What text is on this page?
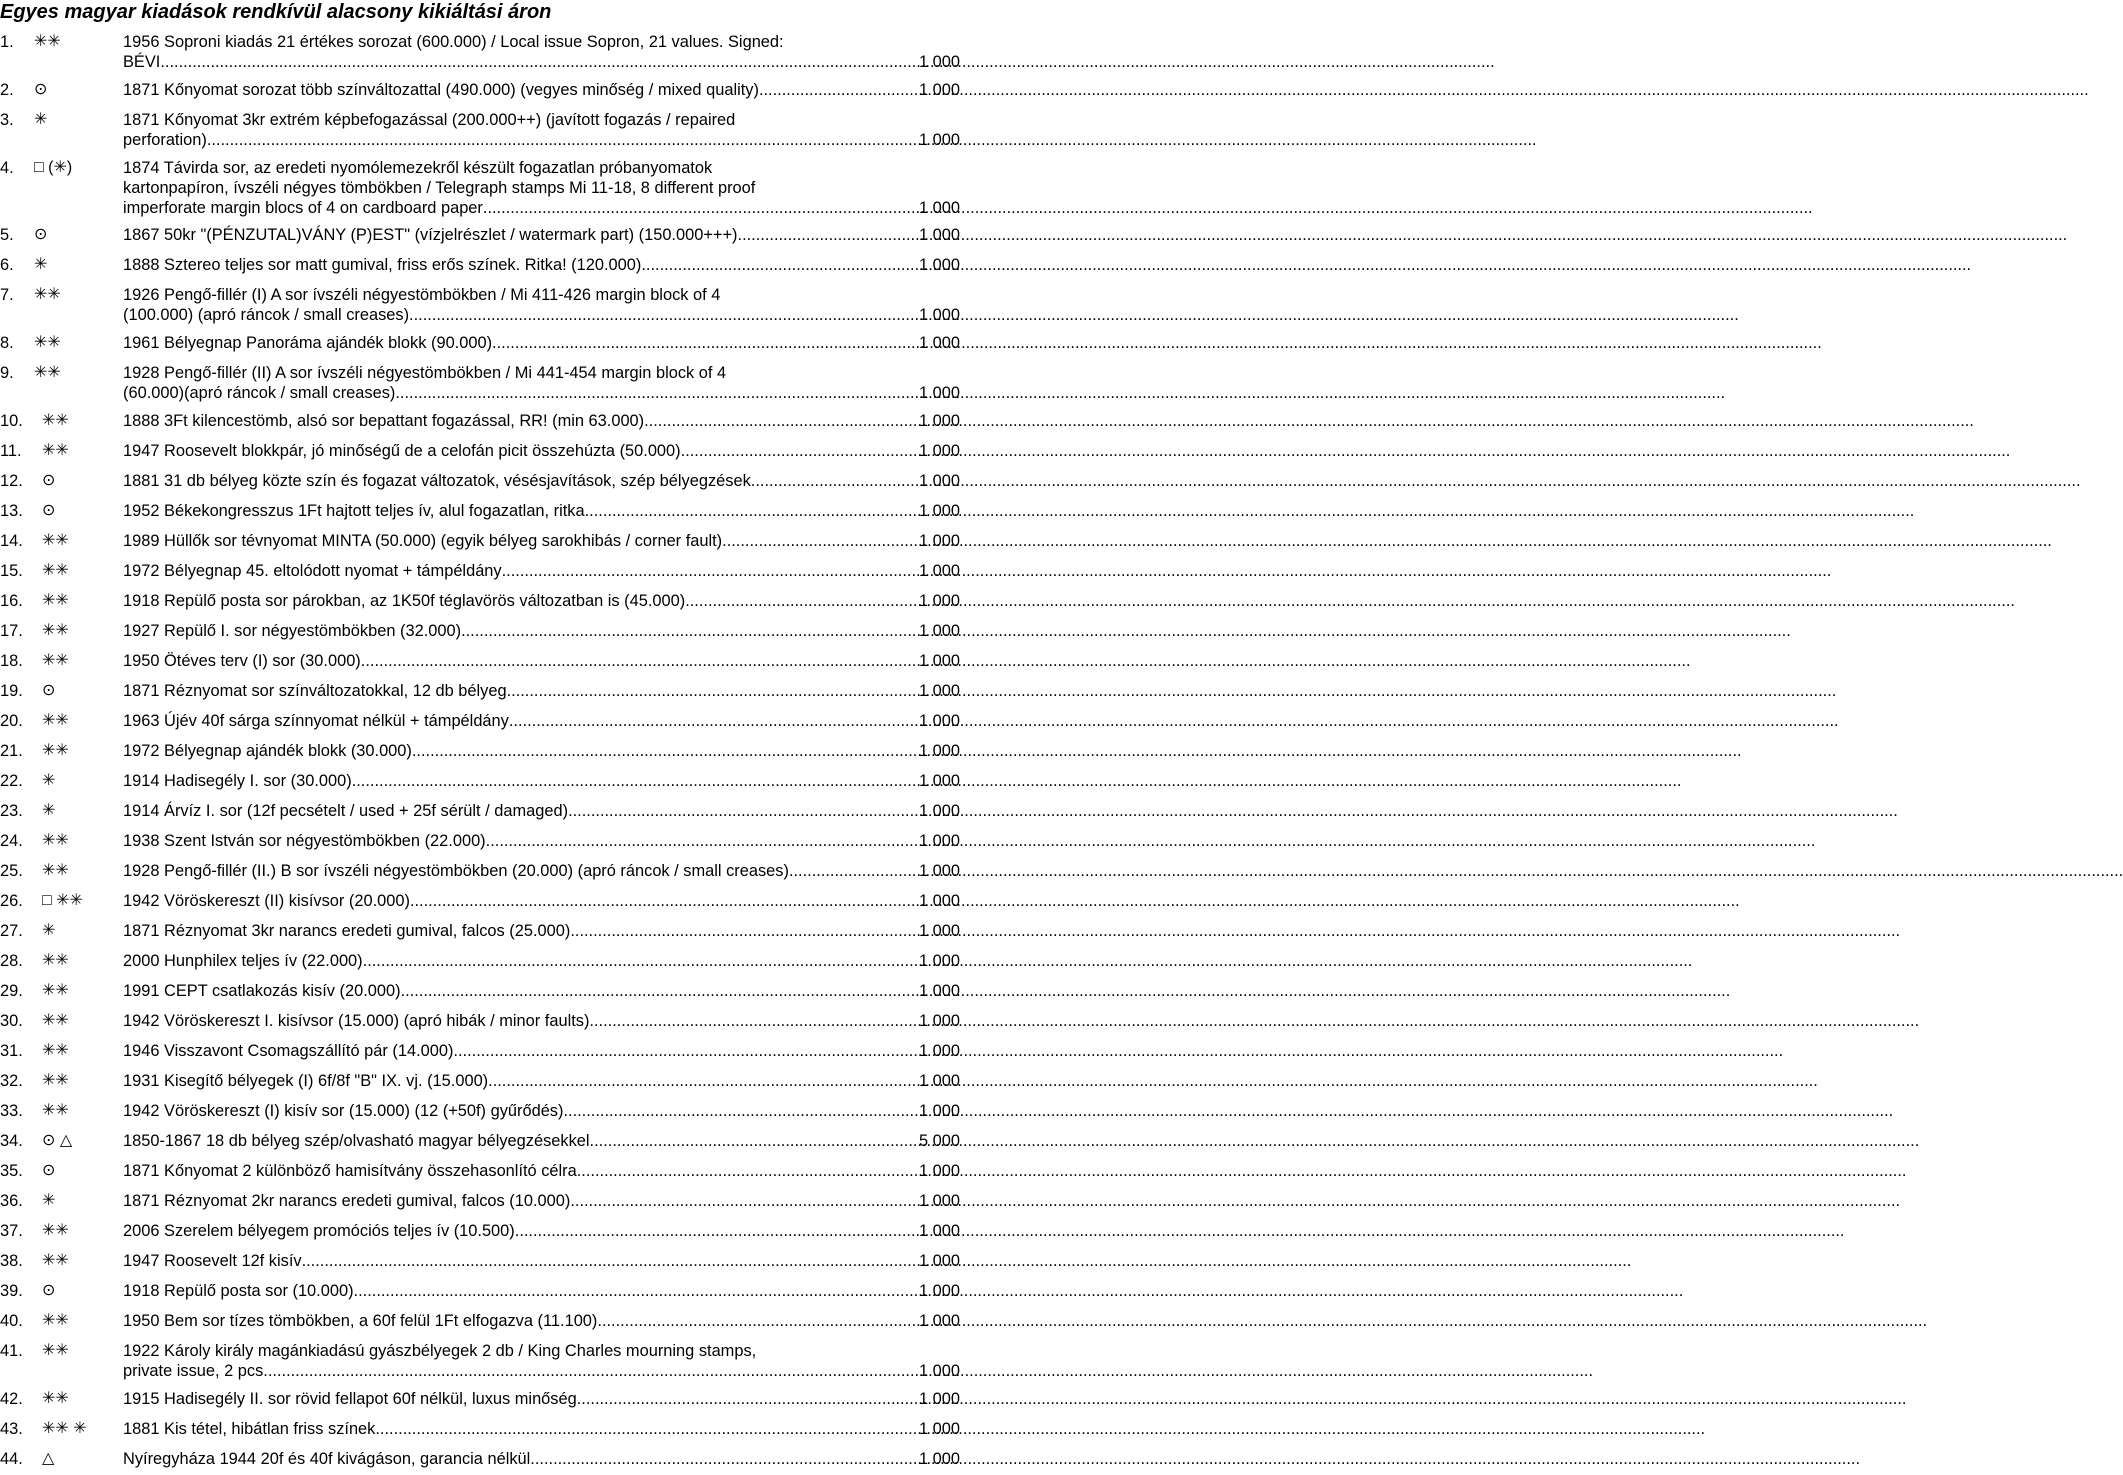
Egyes magyar kiadások rendkívül alacsony kikiáltási áron
1. ✳✳	1956 Soproni kiadás 21 értékes sorozat (600.000) / Local issue Sopron, 21 values. Signed:
BÉVI. .....	1 000
2. ⊙	1871 Kőnyomat sorozat több színváltozattal (490.000) (vegyes minőség / mixed quality) .....	1 000
3. ✳	1871 Kőnyomat 3kr extrém képbefogazással (200.000++) (javított fogazás / repaired
perforation) .....	1 000
4. □ (✳)	1874 Távirda sor, az eredeti nyomólemezekről készült fogazatlan próbanyomatok
kartonpapíron, ívszéli négyes tömbökben / Telegraph stamps Mi 11-18, 8 different proof
imperforate margin blocs of 4 on cardboard paper .....	1 000
5. ⊙	1867 50kr "(PÉNZUTAL)VÁNY (P)EST" (vízjelrészlet / watermark part) (150.000+++) .....	1 000
6. ✳	1888 Sztereo teljes sor matt gumival, friss erős színek. Ritka! (120.000) .....	1 000
7. ✳✳	1926 Pengő-fillér (I) A sor ívszéli négyestömbökben / Mi 411-426 margin block of 4
(100.000) (apró ráncok / small creases) .....	1 000
8. ✳✳	1961 Bélyegnap Panoráma ajándék blokk (90.000) .....	1 000
9. ✳✳	1928 Pengő-fillér (II) A sor ívszéli négyestömbökben / Mi 441-454 margin block of 4
(60.000)(apró ráncok / small creases) .....	1 000
10. ✳✳	1888 3Ft kilencestömb, alsó sor bepattant fogazással, RR! (min 63.000) .....	1 000
11. ✳✳	1947 Roosevelt blokkpár, jó minőségű de a celofán picit összehúzta (50.000) .....	1 000
12. ⊙	1881 31 db bélyeg közte szín és fogazat változatok, vésésjavítások, szép bélyegzések .....	1 000
13. ⊙	1952 Békekongresszus 1Ft hajtott teljes ív, alul fogazatlan, ritka .....	1 000
14. ✳✳	1989 Hüllők sor tévnyomat MINTA (50.000) (egyik bélyeg sarokhibás / corner fault) .....	1 000
15. ✳✳	1972 Bélyegnap 45. eltolódott nyomat + támpéldány .....	1 000
16. ✳✳	1918 Repülő posta sor párokban, az 1K50f téglavörös változatban is (45.000) .....	1 000
17. ✳✳	1927 Repülő I. sor négyestömbökben (32.000) .....	1 000
18. ✳✳	1950 Ötéves terv (I) sor (30.000) .....	1 000
19. ⊙	1871 Réznyomat sor színváltozatokkal, 12 db bélyeg .....	1 000
20. ✳✳	1963 Újév 40f sárga színnyomat nélkül + támpéldány .....	1 000
21. ✳✳	1972 Bélyegnap ajándék blokk (30.000) .....	1 000
22. ✳	1914 Hadisegély I. sor (30.000) .....	1 000
23. ✳	1914 Árvíz I. sor (12f pecsételt / used + 25f sérült / damaged) .....	1 000
24. ✳✳	1938 Szent István sor négyestömbökben (22.000) .....	1 000
25. ✳✳	1928 Pengő-fillér (II.) B sor ívszéli négyestömbökben (20.000) (apró ráncok / small creases). .....	1 000
26. □ ✳✳ 1942 Vöröskereszt (II) kisívsor (20.000) .....	1 000
27. ✳	1871 Réznyomat 3kr narancs eredeti gumival, falcos (25.000) .....	1 000
28. ✳✳	2000 Hunphilex teljes ív (22.000) .....	1 000
29. ✳✳	1991 CEPT csatlakozás kisív (20.000) .....	1 000
30. ✳✳	1942 Vöröskereszt I. kisívsor (15.000) (apró hibák / minor faults) .....	1 000
31. ✳✳	1946 Visszavont Csomagszállító pár (14.000) .....	1 000
32. ✳✳	1931 Kisegítő bélyegek (I) 6f/8f "B" IX. vj. (15.000) .....	1 000
33. ✳✳	1942 Vöröskereszt (I) kisív sor (15.000) (12 (+50f) gyűrődés) .....	1 000
34. ⊙ △	1850-1867 18 db bélyeg szép/olvasható magyar bélyegzésekkel .....	5 000
35. ⊙	1871 Kőnyomat 2 különböző hamisítvány összehasonlító célra .....	1 000
36. ✳	1871 Réznyomat 2kr narancs eredeti gumival, falcos (10.000) .....	1 000
37. ✳✳	2006 Szerelem bélyegem promóciós teljes ív (10.500) .....	1 000
38. ✳✳	1947 Roosevelt 12f kisív .....	1 000
39. ⊙	1918 Repülő posta sor (10.000) .....	1 000
40. ✳✳	1950 Bem sor tízes tömbökben, a 60f felül 1Ft elfogazva (11.100) .....	1 000
41. ✳✳	1922 Károly király magánkiadású gyászbélyegek 2 db / King Charles mourning stamps,
private issue, 2 pcs .....	1 000
42. ✳✳	1915 Hadisegély II. sor rövid fellapot 60f nélkül, luxus minőség .....	1 000
43. ✳✳ ✳ 1881 Kis tétel, hibátlan friss színek .....	1 000
44. △	Nyíregyháza 1944 20f és 40f kivágáson, garancia nélkül .....	1 000
